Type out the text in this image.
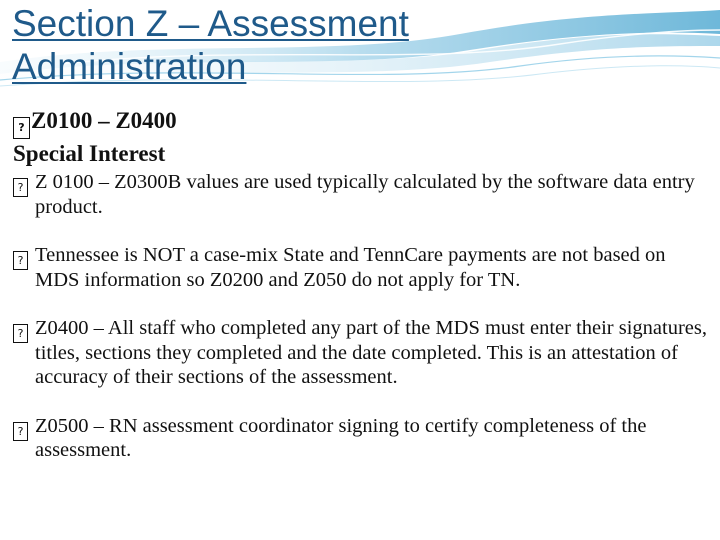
Section Z – Assessment
Administration
? Z0100 – Z0400
Special Interest
? Z 0100 – Z0300B values are used typically calculated by the software data entry product.
? Tennessee is NOT a case-mix State and TennCare payments are not based on MDS information so Z0200 and Z050 do not apply for TN.
? Z0400 – All staff who completed any part of the MDS must enter their signatures, titles, sections they completed and the date completed. This is an attestation of accuracy of their sections of the assessment.
? Z0500 – RN assessment coordinator signing to certify completeness of the assessment.
